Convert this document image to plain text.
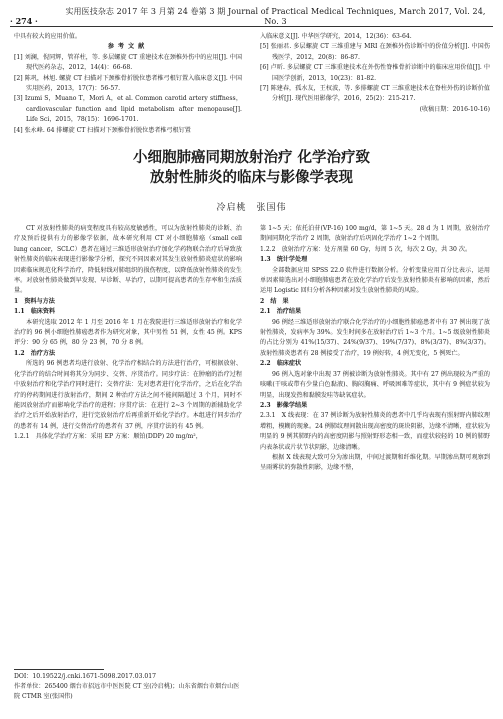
· 274 ·
实用医技杂志 2017 年 3 月第 24 卷第 3 期 Journal of Practical Medical Techniques, March 2017, Vol. 24, No. 3

中具有较大的应用价值。

参考文献

[1] 刘澜，倪同辉，管祥柱，等. 多层螺旋 CT 重建技术在颈椎外伤中的应用[J]. 中国现代医药杂志，2012，14(4)：66-68.

[2] 陈巩，林旭. 螺旋 CT 扫描对下颈椎骨折脱位患者椎弓根钉置入临床意义[J]. 中国实用医药，2013，17(7)：56-57.

[3] Izumi S，Muano T，Mori A，et al. Common carotid artery stiffness，cardiovascular function and lipid metabolism after menopause[J]. Life Sci，2015，78(15)：1696-1701.

[4] 张永峰. 64 排螺旋 CT 扫描对下颈椎骨折脱位患者椎弓根钉置

入临床意义[J]. 中华医学研究，2014，12(36)：63-64.

[5] 张丽君. 多层螺旋 CT 三维重建与 MRI 在颈椎外伤诊断中的价值分析[J]. 中国伤残医学，2012，20(8)：86-87.

[6] 卢昕. 多层螺旋 CT 三维重建技术在外伤性脊椎骨折诊断中的临床应用价值[J]. 中国医学创新，2013，10(23)：81-82.

[7] 陈建春，孤水友，王权波，等. 多排螺旋 CT 三维重建技术在脊柱外伤的诊断价值分析[J]. 现代医用影像学，2016，25(2)：215-217.

(收稿日期：2016-10-16)

小细胞肺癌同期放射治疗 化学治疗致
放射性肺炎的临床与影像学表现
冷启桃　张国伟

CT 对放射性肺炎的病变程度具有较高度敏感性，可以为放射性肺炎的诊断、治疗及预后提供有力的影像学依据，故本研究利用 CT 对小细胞肺癌（small cell lung cancer，SCLC）患者在通过三维适形放射治疗加化学药物联合治疗后导致放射性肺炎的临床表现进行影像学分析，探究不同因素对其发生放射性肺炎症状的影响因素临床规范化科学治疗，降低射线对肺组织的损伤程度，以降低放射性肺炎的发生率。对放射性肺炎做到早发现、早诊断、早治疗，以期可提高患者的生存率和生活质量。

1　资料与方法

1.1　临床资料

本研究选取 2012 年 1 月至 2016 年 1 月在我院进行三维适形放射治疗和化学治疗的 96 例小细胞性肺癌患者作为研究对象，其中男性 51 例，女性 45 例。KPS 评分：90 分 65 例，80 分 23 例，70 分 8 例。

1.2　治疗方法

所选的 96 例患者均进行放射、化学治疗相结合的方法进行治疗，可根据放射、化学治疗的结合时间将其分为同步、交替、序贯治疗。同步疗法：在肿瘤的治疗过程中放射治疗和化学治疗同时进行；交替疗法：先对患者进行化学治疗，之后在化学治疗的停药期间进行放射治疗，期间 2 种治疗方法之间不能间隔超过 3 个月，同时不能因放射治疗而影响化学治疗的进程；序贯疗法：在进行 2~3 个周期的新辅助化学治疗之后开始放射治疗，进行完放射治疗后再重新开始化学治疗。本组进行同步治疗的患者有 14 例，进行交替治疗的患者有 37 例，序贯疗法的有 45 例。

1.2.1　具体化学治疗方案：采用 EP 方案：顺铂(DDP) 20 mg/m²，

第 1~5 天；依托泊苷(VP-16) 100 mg/d，第 1~5 天。28 d 为 1 周期，放射治疗期间同期化学治疗 2 周期，放射治疗后巩固化学治疗 1~2 个周期。

1.2.2　放射治疗方案：处方剂量 60 Gy，每周 5 次，每次 2 Gy，共 30 次。

1.3　统计学处理

全部数据应用 SPSS 22.0 软件进行数据分析。分析变量应用百分比表示，运用单因素筛选出对小细胞肺癌患者在放化学治疗后发生放射性肺炎有影响的因素，然后运用 Logistic 回归分析各种因素对发生放射性肺炎的风险。

2　结　果

2.1　治疗结果

96 例经三维适形放射治疗联合化学治疗的小细胞性肺癌患者中有 37 例出现了放射性肺炎，发病率为 39%。发生时间多在放射治疗后 1~3 个月。1~5 级放射性肺炎的占比分别为 41%(15/37)、24%(9/37)、19%(7/37)、8%(3/37)、8%(3/37)。放射性肺炎患者有 28 例接受了治疗，19 例好转，4 例无变化，5 例死亡。

2.2　临床症状

96 例入选对象中出现 37 例被诊断为放射性肺炎。其中有 27 例出现较为严重的咳嗽(干咳或带有少量白色黏液)、胸闷胸痛、呼吸困难等症状，其中有 9 例症状较为明显，出现发热和黏膜发哇等缺氧症状。

2.3　影像学结果

2.3.1　X 线表现：在 37 例诊断为放射性肺炎的患者中几乎均表现有照射野内肺纹理增粗，模糊的现象。24 例肺纹理间散出现高密度的斑块阴影，边缘不清晰，症状较为明显的 9 例其肺野内的高密度阴影与照射野形态相一致，而症状较轻的 10 例的肺野内表条状或片状节状阴影，边缘清晰。

根据 X 线表现大致可分为渗出期，中间过渡期和纤维化期。早期渗出期可观察到呈雨雾状的弥散性阴影，边缘不整，

DOI：10.19522/j.cnki.1671-5098.2017.03.017

作者单位：265400 烟台市招远市中医医院 CT 室(冷启桃)；山东省烟台市烟台山医院 CTMR 室(张国伟)
